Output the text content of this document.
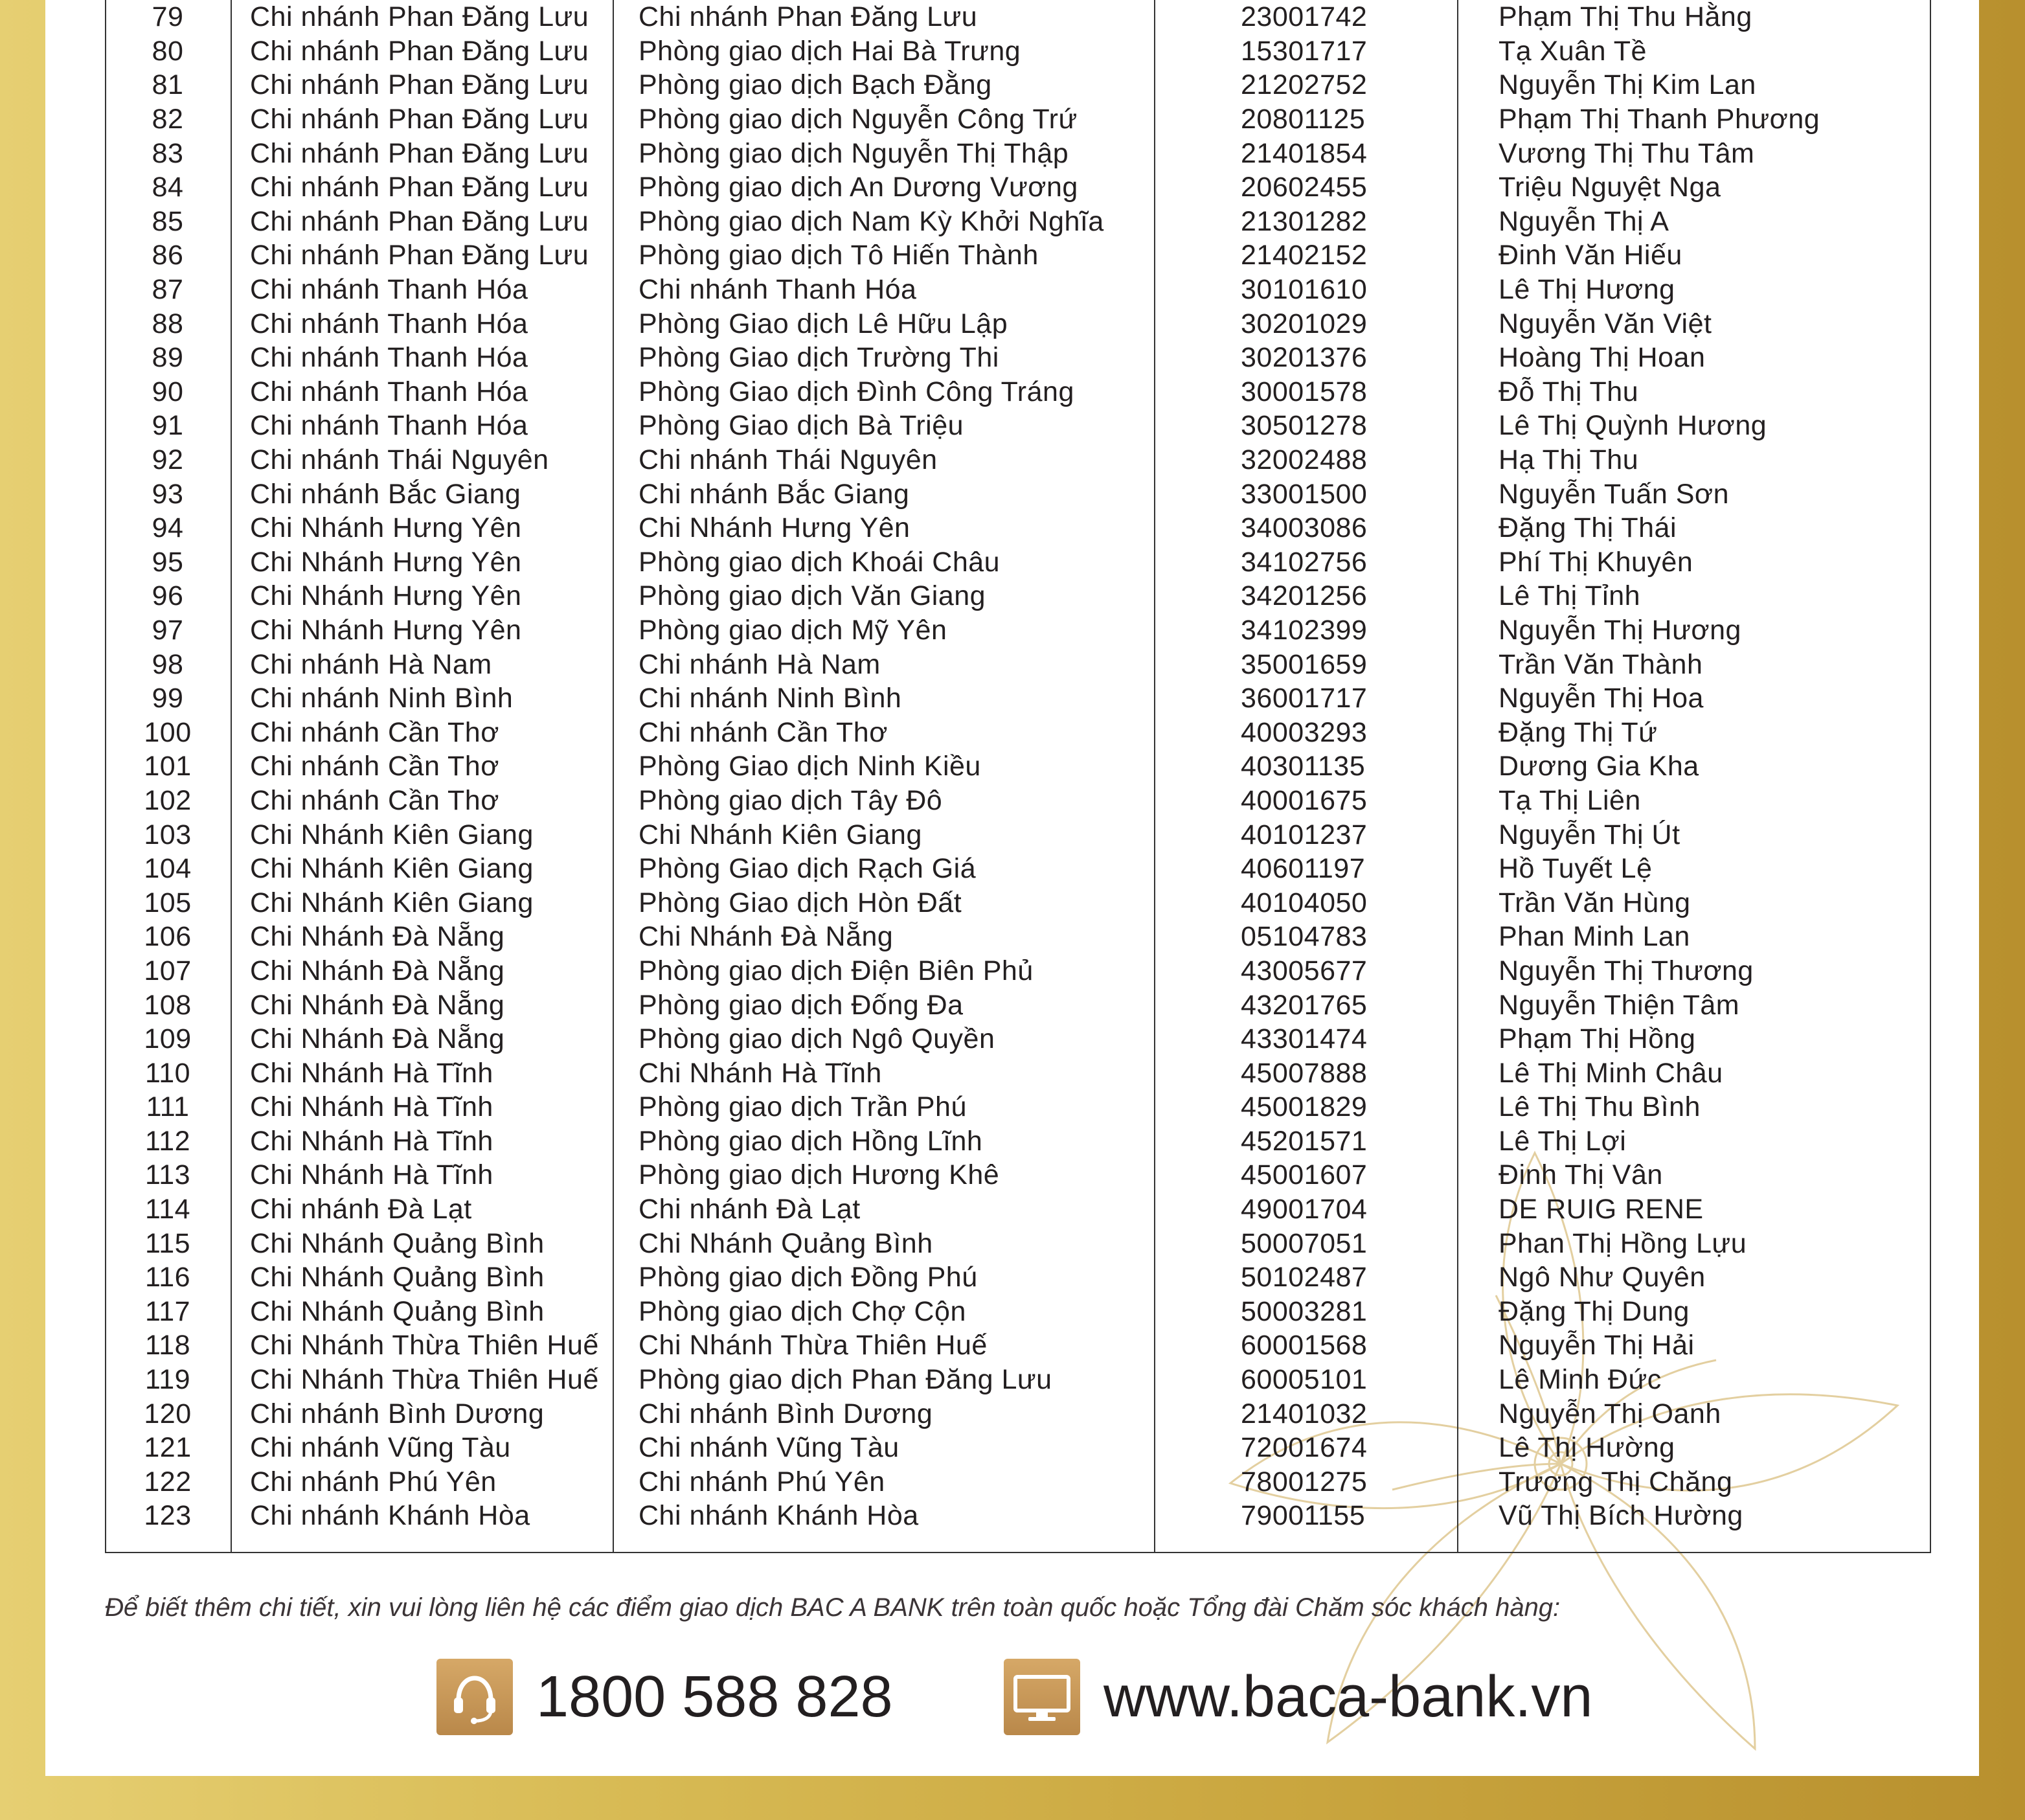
79	Chi nhánh Phan Đăng Lưu	Chi nhánh Phan Đăng Lưu	23001742	Phạm Thị Thu Hằng
80	Chi nhánh Phan Đăng Lưu	Phòng giao dịch Hai Bà Trưng	15301717	Tạ Xuân Tề
81	Chi nhánh Phan Đăng Lưu	Phòng giao dịch Bạch Đằng	21202752	Nguyễn Thị Kim Lan
82	Chi nhánh Phan Đăng Lưu	Phòng giao dịch Nguyễn Công Trứ	20801125	Phạm Thị Thanh Phương
83	Chi nhánh Phan Đăng Lưu	Phòng giao dịch Nguyễn Thị Thập	21401854	Vương Thị Thu Tâm
84	Chi nhánh Phan Đăng Lưu	Phòng giao dịch An Dương Vương	20602455	Triệu Nguyệt Nga
85	Chi nhánh Phan Đăng Lưu	Phòng giao dịch Nam Kỳ Khởi Nghĩa	21301282	Nguyễn Thị A
86	Chi nhánh Phan Đăng Lưu	Phòng giao dịch Tô Hiến Thành	21402152	Đinh Văn Hiếu
87	Chi nhánh Thanh Hóa	Chi nhánh Thanh Hóa	30101610	Lê Thị Hương
88	Chi nhánh Thanh Hóa	Phòng Giao dịch Lê Hữu Lập	30201029	Nguyễn Văn Việt
89	Chi nhánh Thanh Hóa	Phòng Giao dịch Trường Thi	30201376	Hoàng Thị Hoan
90	Chi nhánh Thanh Hóa	Phòng Giao dịch Đình Công Tráng	30001578	Đỗ Thị Thu
91	Chi nhánh Thanh Hóa	Phòng Giao dịch Bà Triệu	30501278	Lê Thị Quỳnh Hương
92	Chi nhánh Thái Nguyên	Chi nhánh Thái Nguyên	32002488	Hạ Thị Thu
93	Chi nhánh Bắc Giang	Chi nhánh Bắc Giang	33001500	Nguyễn Tuấn Sơn
94	Chi Nhánh Hưng Yên	Chi Nhánh Hưng Yên	34003086	Đặng Thị Thái
95	Chi Nhánh Hưng Yên	Phòng giao dịch Khoái Châu	34102756	Phí Thị Khuyên
96	Chi Nhánh Hưng Yên	Phòng giao dịch Văn Giang	34201256	Lê Thị Tỉnh
97	Chi Nhánh Hưng Yên	Phòng giao dịch Mỹ Yên	34102399	Nguyễn Thị Hương
98	Chi nhánh Hà Nam	Chi nhánh Hà Nam	35001659	Trần Văn Thành
99	Chi nhánh Ninh Bình	Chi nhánh Ninh Bình	36001717	Nguyễn Thị Hoa
100	Chi nhánh Cần Thơ	Chi nhánh Cần Thơ	40003293	Đặng Thị Tứ
101	Chi nhánh Cần Thơ	Phòng Giao dịch Ninh Kiều	40301135	Dương Gia Kha
102	Chi nhánh Cần Thơ	Phòng giao dịch Tây Đô	40001675	Tạ Thị Liên
103	Chi Nhánh Kiên Giang	Chi Nhánh Kiên Giang	40101237	Nguyễn Thị Út
104	Chi Nhánh Kiên Giang	Phòng Giao dịch Rạch Giá	40601197	Hồ Tuyết Lệ
105	Chi Nhánh Kiên Giang	Phòng Giao dịch Hòn Đất	40104050	Trần Văn Hùng
106	Chi Nhánh Đà Nẵng	Chi Nhánh Đà Nẵng	05104783	Phan Minh Lan
107	Chi Nhánh Đà Nẵng	Phòng giao dịch Điện Biên Phủ	43005677	Nguyễn Thị Thương
108	Chi Nhánh Đà Nẵng	Phòng giao dịch Đống Đa	43201765	Nguyễn Thiện Tâm
109	Chi Nhánh Đà Nẵng	Phòng giao dịch Ngô Quyền	43301474	Phạm Thị Hồng
110	Chi Nhánh Hà Tĩnh	Chi Nhánh Hà Tĩnh	45007888	Lê Thị Minh Châu
111	Chi Nhánh Hà Tĩnh	Phòng giao dịch Trần Phú	45001829	Lê Thị Thu Bình
112	Chi Nhánh Hà Tĩnh	Phòng giao dịch Hồng Lĩnh	45201571	Lê Thị Lợi
113	Chi Nhánh Hà Tĩnh	Phòng giao dịch Hương Khê	45001607	Đinh Thị Vân
114	Chi nhánh Đà Lạt	Chi nhánh Đà Lạt	49001704	DE RUIG RENE
115	Chi Nhánh Quảng Bình	Chi Nhánh Quảng Bình	50007051	Phan Thị Hồng Lựu
116	Chi Nhánh Quảng Bình	Phòng giao dịch Đồng Phú	50102487	Ngô Như Quyên
117	Chi Nhánh Quảng Bình	Phòng giao dịch Chợ Cộn	50003281	Đặng Thị Dung
118	Chi Nhánh Thừa Thiên Huế	Chi Nhánh Thừa Thiên Huế	60001568	Nguyễn Thị Hải
119	Chi Nhánh Thừa Thiên Huế	Phòng giao dịch Phan Đăng Lưu	60005101	Lê Minh Đức
120	Chi nhánh Bình Dương	Chi nhánh Bình Dương	21401032	Nguyễn Thị Oanh
121	Chi nhánh Vũng Tàu	Chi nhánh Vũng Tàu	72001674	Lê Thị Hường
122	Chi nhánh Phú Yên	Chi nhánh Phú Yên	78001275	Trương Thị Chăng
123	Chi nhánh Khánh Hòa	Chi nhánh Khánh Hòa	79001155	Vũ Thị Bích Hường
Để biết thêm chi tiết, xin vui lòng liên hệ các điểm giao dịch BAC A BANK trên toàn quốc hoặc Tổng đài Chăm sóc khách hàng:
1800 588 828	www.baca-bank.vn
